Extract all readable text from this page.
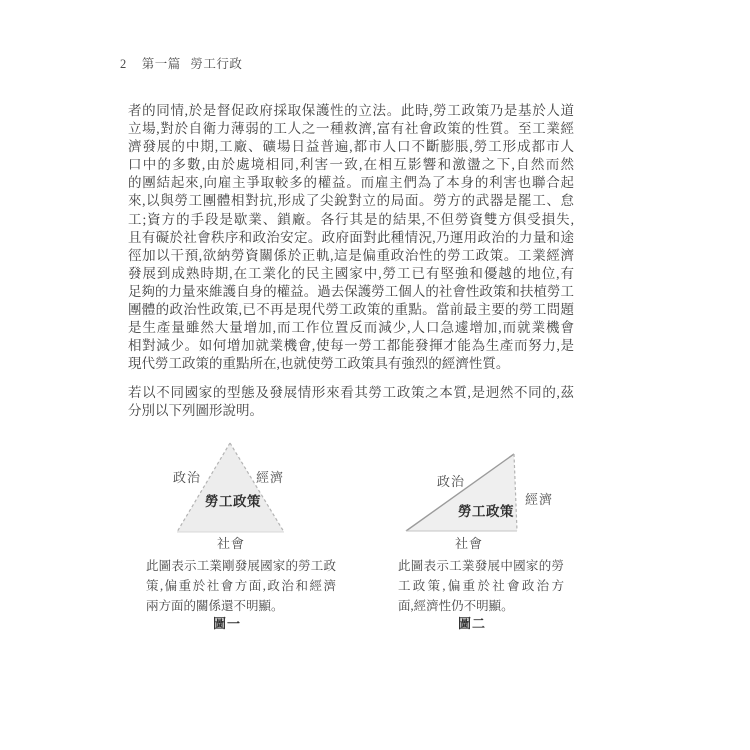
2 第一篇 勞工行政
者的同情,於是督促政府採取保護性的立法。此時,勞工政策乃是基於人道
立場,對於自衛力薄弱的工人之一種救濟,富有社會政策的性質。至工業經
濟發展的中期,工廠、礦場日益普遍,都市人口不斷膨脹,勞工形成都市人
口中的多數,由於處境相同,利害一致,在相互影響和激盪之下,自然而然
的團結起來,向雇主爭取較多的權益。而雇主們為了本身的利害也聯合起
來,以與勞工團體相對抗,形成了尖銳對立的局面。勞方的武器是罷工、怠
工;資方的手段是歇業、鎖廠。各行其是的結果,不但勞資雙方俱受損失,
且有礙於社會秩序和政治安定。政府面對此種情況,乃運用政治的力量和途
徑加以干預,欲納勞資關係於正軌,這是偏重政治性的勞工政策。工業經濟
發展到成熟時期,在工業化的民主國家中,勞工已有堅強和優越的地位,有
足夠的力量來維護自身的權益。過去保護勞工個人的社會性政策和扶植勞工
團體的政治性政策,已不再是現代勞工政策的重點。當前最主要的勞工問題
是生產量雖然大量增加,而工作位置反而減少,人口急遽增加,而就業機會
相對減少。如何增加就業機會,使每一勞工都能發揮才能為生產而努力,是
現代勞工政策的重點所在,也就使勞工政策具有強烈的經濟性質。
若以不同國家的型態及發展情形來看其勞工政策之本質,是迥然不同的,茲
分別以下列圖形說明。
政治	經濟
勞工政策
社會
此圖表示工業剛發展國家的勞工政
策,偏重於社會方面,政治和經濟
兩方面的關係還不明顯。
圖一
政治
經濟
勞工政策
社會
此圖表示工業發展中國家的勞
工政策,偏重於社會政治方
面,經濟性仍不明顯。
圖二
